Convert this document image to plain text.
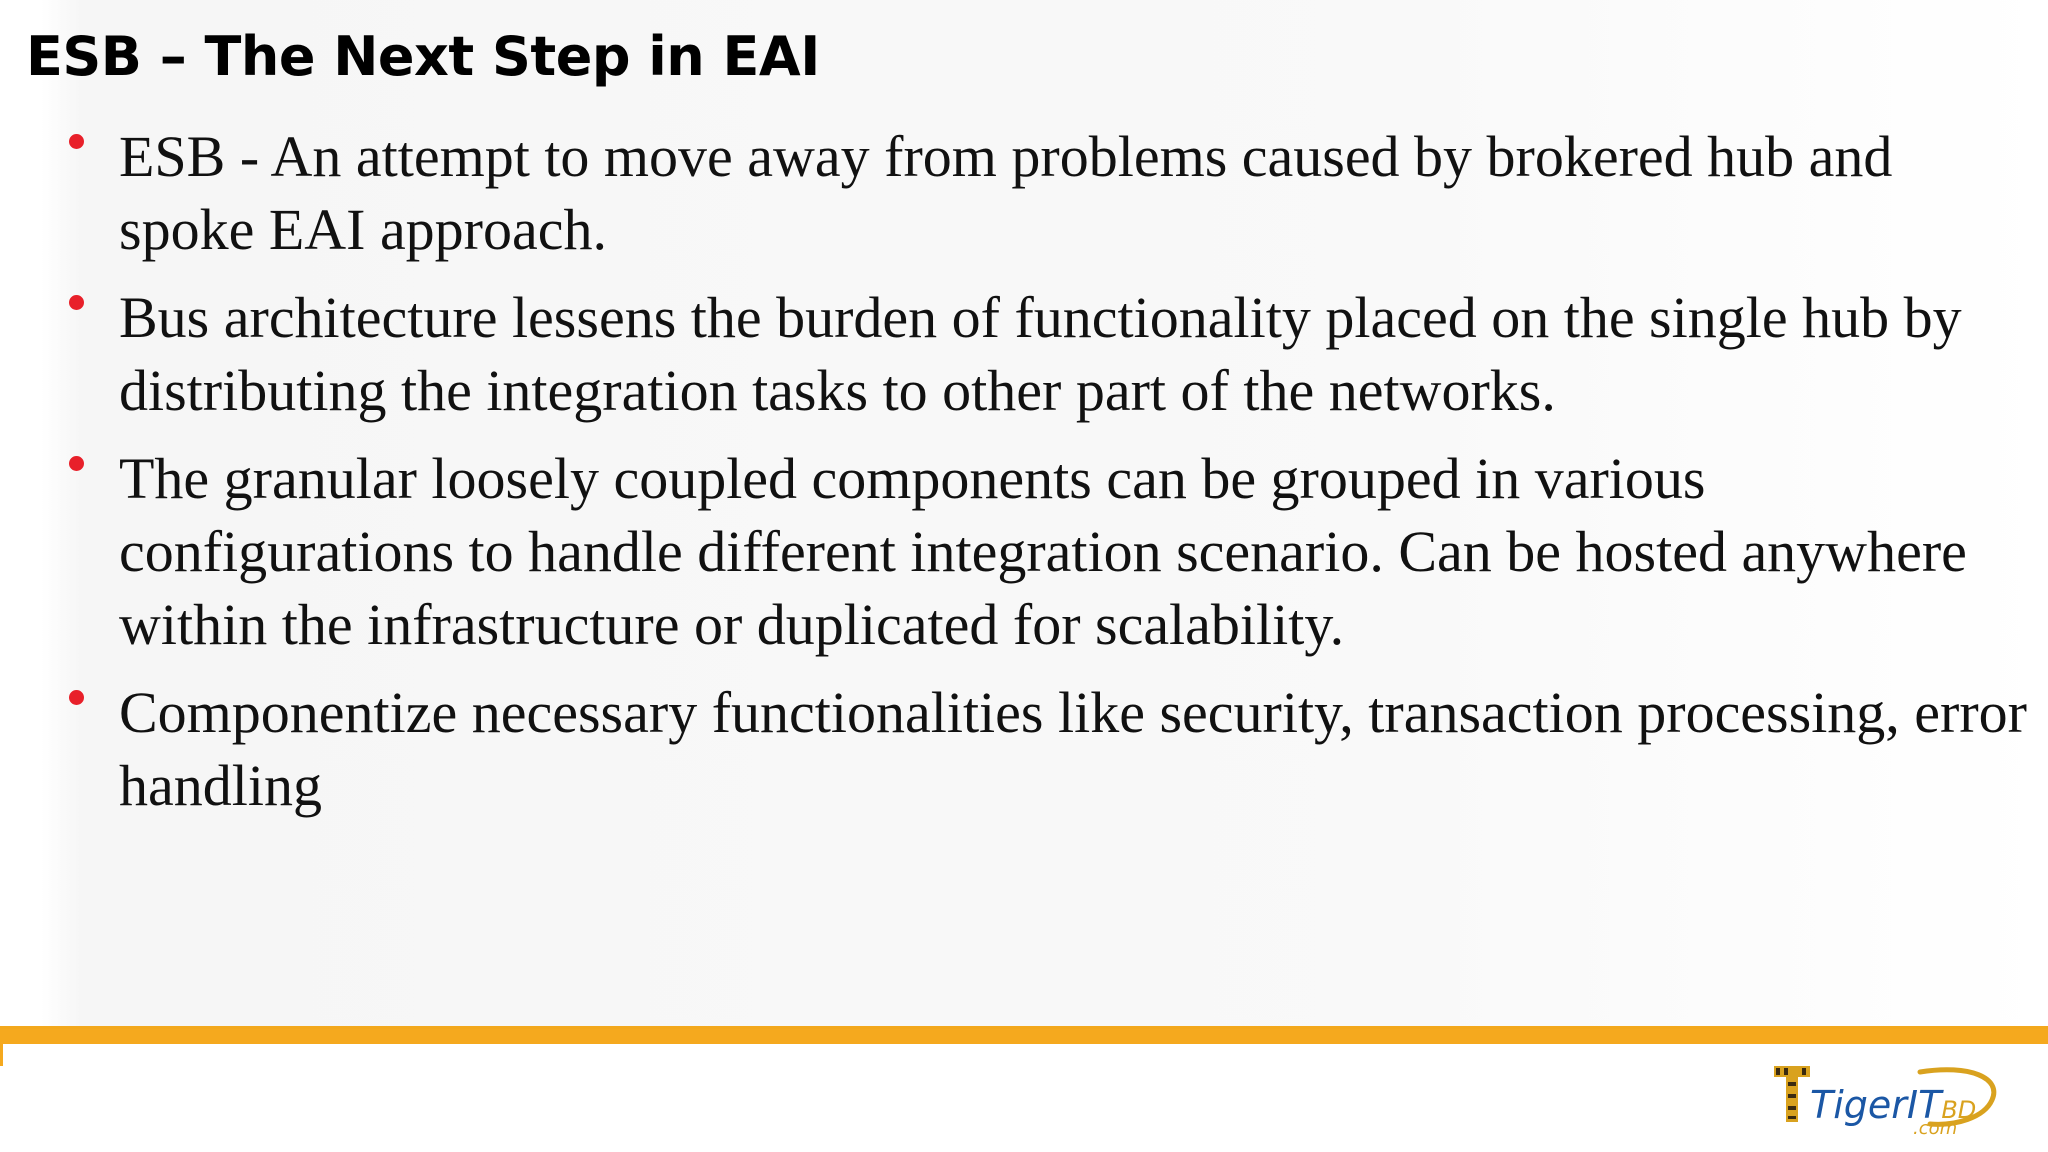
ESB – The Next Step in EAI
ESB - An attempt to move away from problems caused by brokered hub and spoke EAI approach.
Bus architecture lessens the burden of functionality placed on the single hub by distributing the integration tasks to other part of the networks.
The granular loosely coupled components can be grouped in various configurations to handle different integration scenario. Can be hosted anywhere within the infrastructure or duplicated for scalability.
Componentize necessary functionalities like security, transaction processing, error handling
TigerITBD
.com
